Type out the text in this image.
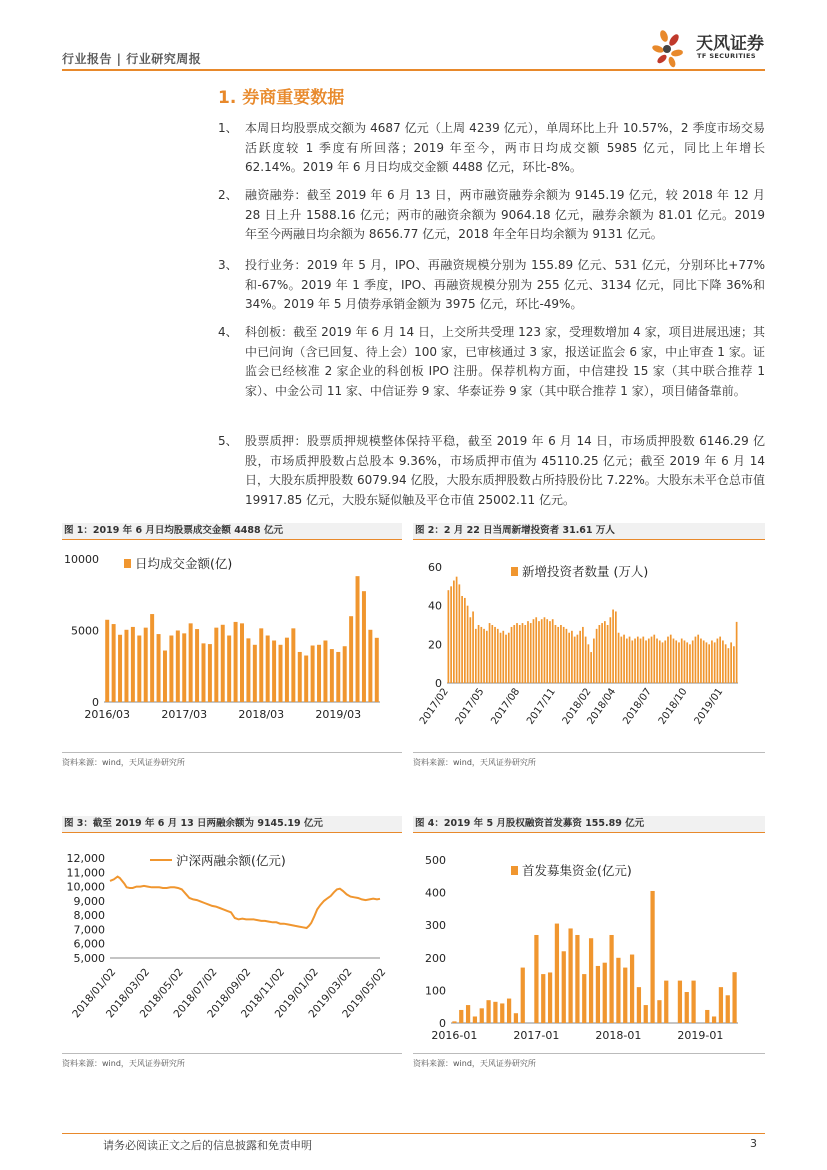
行业报告 | 行业研究周报
天风证券
TF SECURITIES
1. 券商重要数据
1、 本周日均股票成交额为 4687 亿元（上周 4239 亿元），单周环比上升 10.57%，2 季度市场交易活跃度较 1 季度有所回落；2019 年至今，两市日均成交额 5985 亿元，同比上年增长 62.14%。2019 年 6 月日均成交金额 4488 亿元，环比-8%。
2、 融资融券：截至 2019 年 6 月 13 日，两市融资融券余额为 9145.19 亿元，较 2018 年 12 月 28 日上升 1588.16 亿元；两市的融资余额为 9064.18 亿元，融券余额为 81.01 亿元。2019 年至今两融日均余额为 8656.77 亿元，2018 年全年日均余额为 9131 亿元。
3、 投行业务：2019 年 5 月，IPO、再融资规模分别为 155.89 亿元、531 亿元，分别环比+77%和-67%。2019 年 1 季度，IPO、再融资规模分别为 255 亿元、3134 亿元，同比下降 36%和 34%。2019 年 5 月债券承销金额为 3975 亿元，环比-49%。
4、 科创板：截至 2019 年 6 月 14 日，上交所共受理 123 家，受理数增加 4 家，项目进展迅速；其中已问询（含已回复、待上会）100 家，已审核通过 3 家，报送证监会 6 家，中止审查 1 家。证监会已经核准 2 家企业的科创板 IPO 注册。保荐机构方面，中信建投 15 家（其中联合推荐 1 家）、中金公司 11 家、中信证券 9 家、华泰证券 9 家（其中联合推荐 1 家），项目储备靠前。
5、 股票质押：股票质押规模整体保持平稳，截至 2019 年 6 月 14 日，市场质押股数 6146.29 亿股，市场质押股数占总股本 9.36%，市场质押市值为 45110.25 亿元；截至 2019 年 6 月 14 日，大股东质押股数 6079.94 亿股，大股东质押股数占所持股份比 7.22%。大股东未平仓总市值 19917.85 亿元，大股东疑似触及平仓市值 25002.11 亿元。
图 1：2019 年 6 月日均股票成交金额 4488 亿元
0
5000
10000
2016/03	2017/03	2018/03	2019/03
日均成交金额(亿)
资料来源：wind，天风证券研究所
图 2：2 月 22 日当周新增投资者 31.61 万人
0
20
40
60
2017/02 2017/05 2017/08 2017/11 2018/02
2018/04 2018/07 2018/10 2019/01
新增投资者数量 (万人)
资料来源：wind，天风证券研究所
图 3：截至 2019 年 6 月 13 日两融余额为 9145.19 亿元
5,000
6,000
7,000
8,000
9,000
10,000
11,000
12,000
2018/01/02
2018/03/02
2018/05/02
2018/07/02
2018/09/02
2018/11/02
2019/01/02
2019/03/02
2019/05/02
沪深两融余额(亿元)
资料来源：wind，天风证券研究所
图 4：2019 年 5 月股权融资首发募资 155.89 亿元
0
100
200
300
400
500
2016-01	2017-01	2018-01	2019-01
首发募集资金(亿元)
资料来源：wind，天风证券研究所
请务必阅读正文之后的信息披露和免责申明	3
